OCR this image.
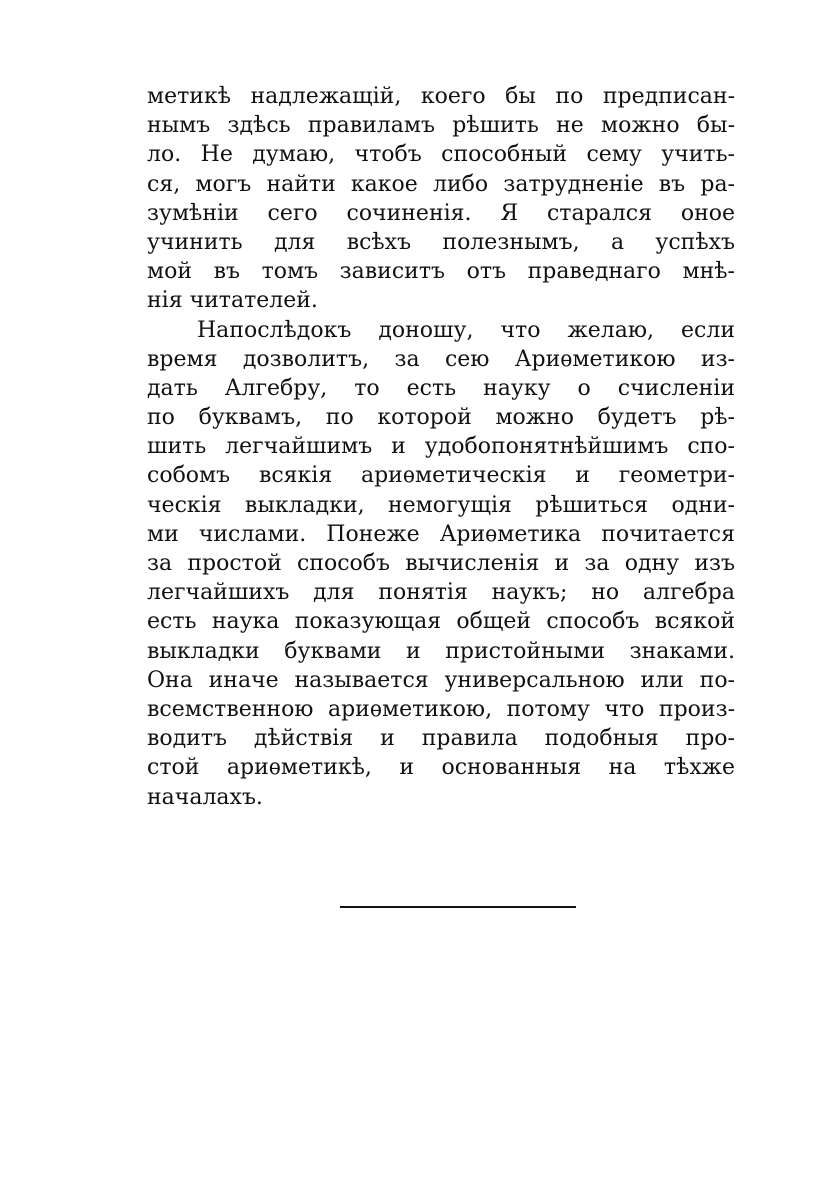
метикѣ надлежащій, коего бы по предписан-
нымъ здѣсь правиламъ рѣшить не можно бы-
ло. Не думаю, чтобъ способный сему учить-
ся, могъ найти какое либо затрудненіе въ ра-
зумѣніи сего сочиненія. Я старался оное
учинить для всѣхъ полезнымъ, а успѣхъ
мой въ томъ зависитъ отъ праведнаго мнѣ-
нія читателей.
Напослѣдокъ доношу, что желаю, если
время дозволитъ, за сею Ариѳметикою из-
дать Алгебру, то есть науку о счисленіи
по буквамъ, по которой можно будетъ рѣ-
шить легчайшимъ и удобопонятнѣйшимъ спо-
собомъ всякія ариѳметическія и геометри-
ческія выкладки, немогущія рѣшиться одни-
ми числами. Понеже Ариѳметика почитается
за простой способъ вычисленія и за одну изъ
легчайшихъ для понятія наукъ; но алгебра
есть наука показующая общей способъ всякой
выкладки буквами и пристойными знаками.
Она иначе называется универсальною или по-
всемственною ариѳметикою, потому что произ-
водитъ дѣйствія и правила подобныя про-
стой ариѳметикѣ, и основанныя на тѣхже
началахъ.
